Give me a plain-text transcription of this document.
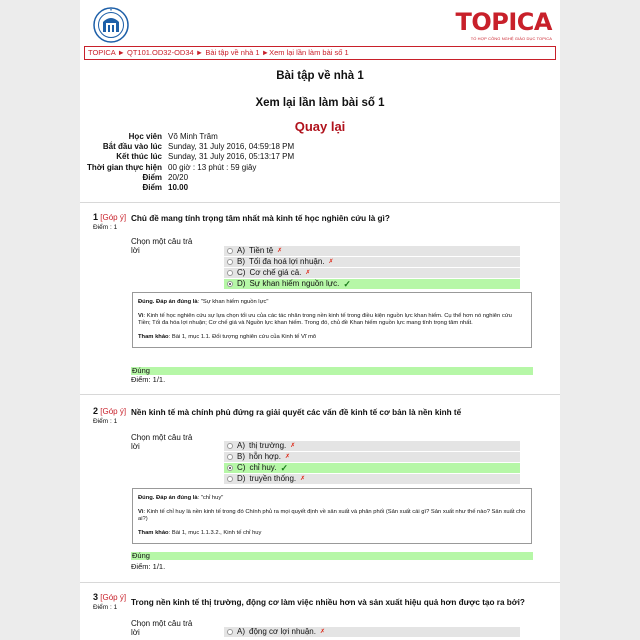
TOPICA
TỔ HỢP CÔNG NGHỆ GIÁO DỤC TOPICA
TOPICA ► QT101.OD32-OD34 ► Bài tập về nhà 1 ►Xem lại lần làm bài số 1
Bài tập về nhà 1
Xem lại lần làm bài số 1
Quay lại
Học viên Võ Minh Trâm
Bắt đầu vào lúc Sunday, 31 July 2016, 04:59:18 PM
Kết thúc lúc Sunday, 31 July 2016, 05:13:17 PM
Thời gian thực hiện 00 giờ : 13 phút : 59 giây
Điểm 20/20
Điểm 10.00
1 [Góp ý]
Điểm : 1
Chủ đề mang tính trọng tâm nhất mà kinh tế học nghiên cứu là gì?
Chọn một câu trả lời	A) Tiền tệ ✗
B) Tối đa hoá lợi nhuận. ✗
C) Cơ chế giá cả. ✗
D) Sự khan hiếm nguồn lực. ✓

Đúng. Đáp án đúng là: "Sự khan hiếm nguồn lực"

Vì: Kinh tế học nghiên cứu sự lựa chọn tối ưu của các tác nhân trong nền kinh tế trong điều kiện nguồn lực khan hiếm. Cụ thể hơn nó nghiên cứu Tiền; Tối đa hóa lợi nhuận; Cơ chế giá và Nguồn lực khan hiếm. Trong đó, chủ đề Khan hiếm nguồn lực mang tính trọng tâm nhất.

Tham khảo: Bài 1, mục 1.1. Đối tượng nghiên cứu của Kinh tế Vĩ mô

Đúng
Điểm: 1/1.
2 [Góp ý]
Điểm : 1
Nền kinh tế mà chính phủ đứng ra giải quyết các vấn đề kinh tế cơ bản là nền kinh tế
Chọn một câu trả lời	A) thị trường. ✗
B) hỗn hợp. ✗
C) chỉ huy. ✓
D) truyền thống. ✗

Đúng. Đáp án đúng là: "chỉ huy"

Vì: Kinh tế chỉ huy là nền kinh tế trong đó Chính phủ ra mọi quyết định về sản xuất và phân phối (Sản xuất cái gì? Sản xuất như thế nào? Sản xuất cho ai?)

Tham khảo: Bài 1, mục 1.1.3.2., Kinh tế chỉ huy

Đúng
Điểm: 1/1.
3 [Góp ý]
Điểm : 1
Trong nền kinh tế thị trường, động cơ làm việc nhiều hơn và sản xuất hiệu quả hơn được tạo ra bởi?
Chọn một câu trả lời	A) động cơ lợi nhuận. ✗
